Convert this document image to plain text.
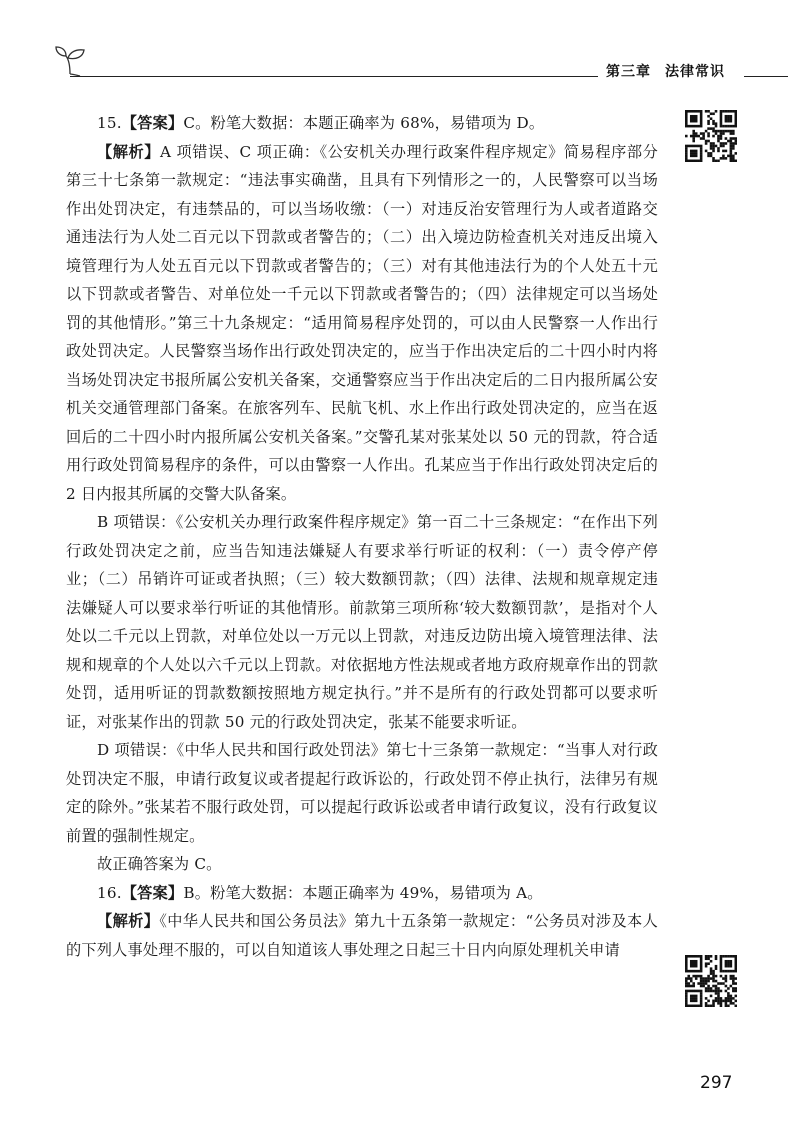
第三章 法律常识

15.【答案】C。粉笔大数据：本题正确率为 68%，易错项为 D。

【解析】A 项错误、C 项正确：《公安机关办理行政案件程序规定》简易程序部分第三十七条第一款规定：“违法事实确凿，且具有下列情形之一的，人民警察可以当场作出处罚决定，有违禁品的，可以当场收缴：（一）对违反治安管理行为人或者道路交通违法行为人处二百元以下罚款或者警告的；（二）出入境边防检查机关对违反出境入境管理行为人处五百元以下罚款或者警告的；（三）对有其他违法行为的个人处五十元以下罚款或者警告、对单位处一千元以下罚款或者警告的；（四）法律规定可以当场处罚的其他情形。”第三十九条规定：“适用简易程序处罚的，可以由人民警察一人作出行政处罚决定。人民警察当场作出行政处罚决定的，应当于作出决定后的二十四小时内将当场处罚决定书报所属公安机关备案，交通警察应当于作出决定后的二日内报所属公安机关交通管理部门备案。在旅客列车、民航飞机、水上作出行政处罚决定的，应当在返回后的二十四小时内报所属公安机关备案。”交警孔某对张某处以 50 元的罚款，符合适用行政处罚简易程序的条件，可以由警察一人作出。孔某应当于作出行政处罚决定后的 2 日内报其所属的交警大队备案。

B 项错误：《公安机关办理行政案件程序规定》第一百二十三条规定：“在作出下列行政处罚决定之前，应当告知违法嫌疑人有要求举行听证的权利：（一）责令停产停业；（二）吊销许可证或者执照；（三）较大数额罚款；（四）法律、法规和规章规定违法嫌疑人可以要求举行听证的其他情形。前款第三项所称‘较大数额罚款’，是指对个人处以二千元以上罚款，对单位处以一万元以上罚款，对违反边防出境入境管理法律、法规和规章的个人处以六千元以上罚款。对依据地方性法规或者地方政府规章作出的罚款处罚，适用听证的罚款数额按照地方规定执行。”并不是所有的行政处罚都可以要求听证，对张某作出的罚款 50 元的行政处罚决定，张某不能要求听证。

D 项错误：《中华人民共和国行政处罚法》第七十三条第一款规定：“当事人对行政处罚决定不服，申请行政复议或者提起行政诉讼的，行政处罚不停止执行，法律另有规定的除外。”张某若不服行政处罚，可以提起行政诉讼或者申请行政复议，没有行政复议前置的强制性规定。

故正确答案为 C。

16.【答案】B。粉笔大数据：本题正确率为 49%，易错项为 A。

【解析】《中华人民共和国公务员法》第九十五条第一款规定：“公务员对涉及本人的下列人事处理不服的，可以自知道该人事处理之日起三十日内向原处理机关申请

297
